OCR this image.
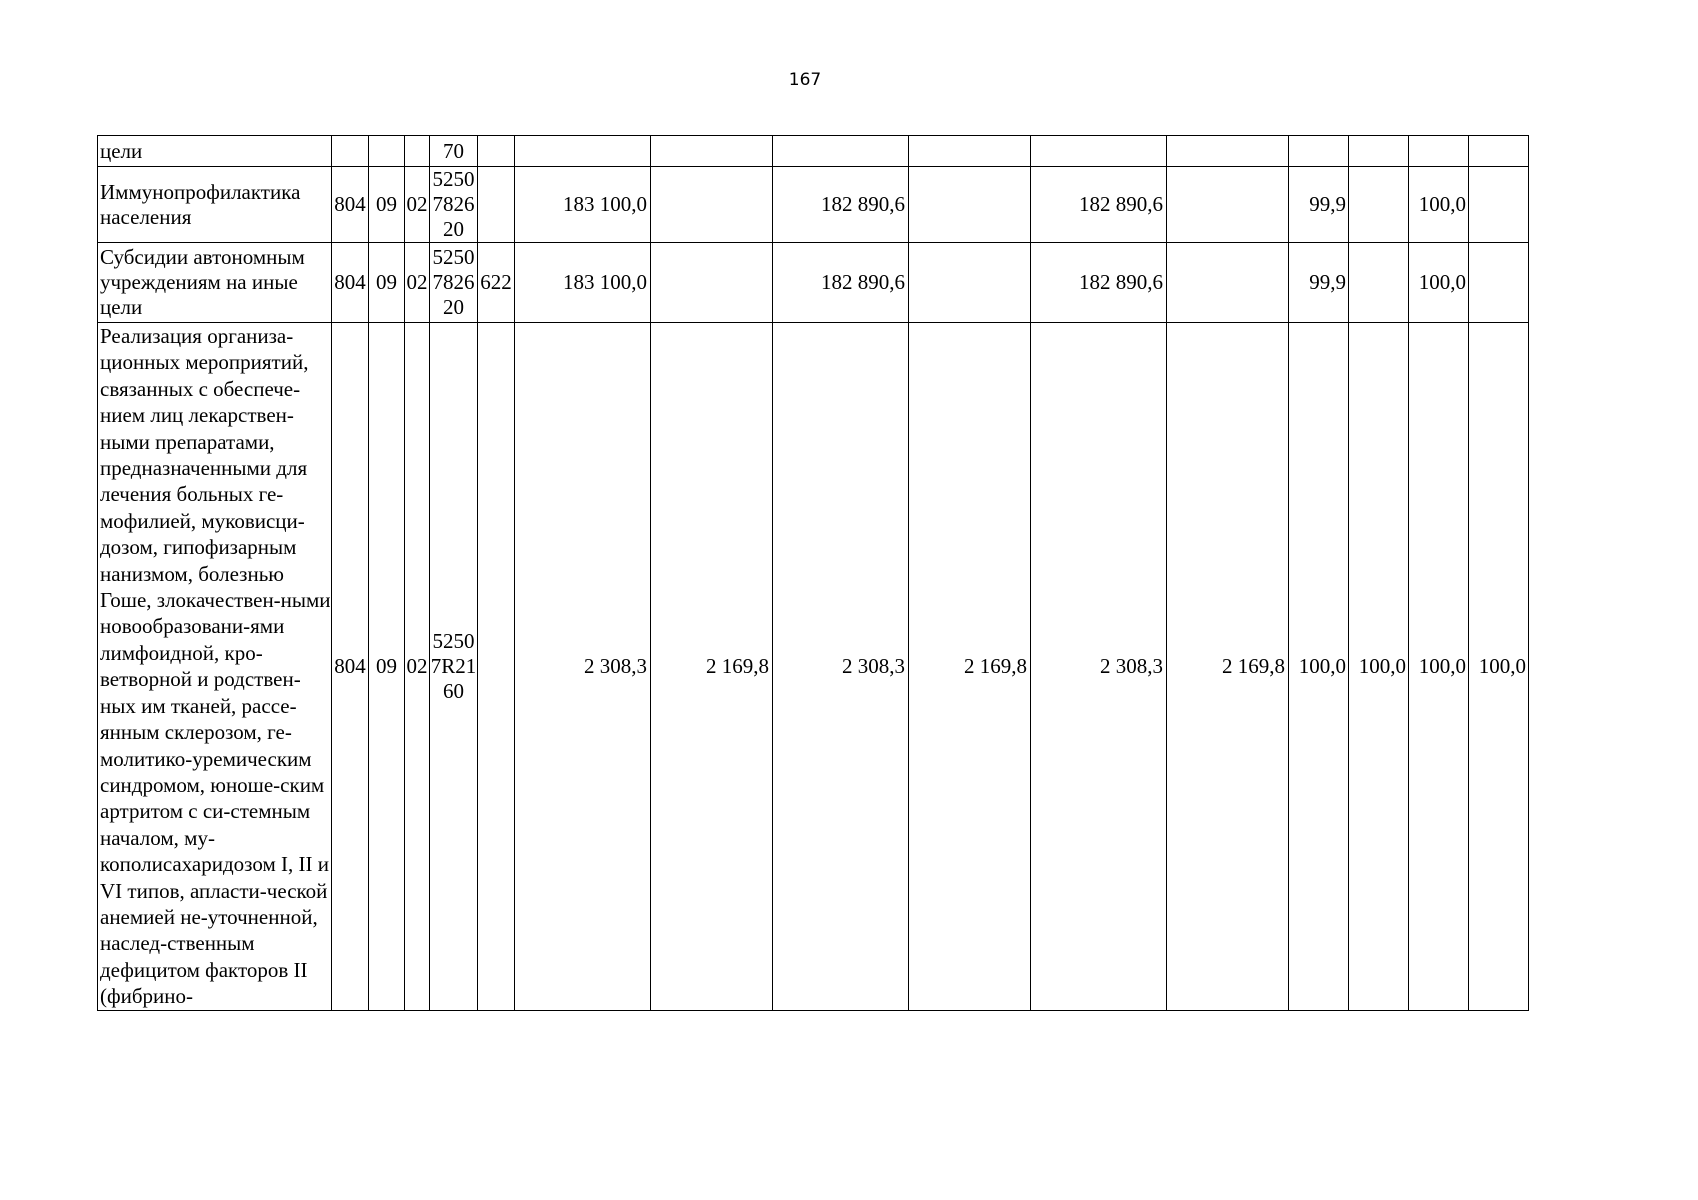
167
цели				70											
Иммунопрофилактика населения	804	09	02	5250 7826 20		183 100,0		182 890,6		182 890,6		99,9		100,0	
Субсидии автономным учреждениям на иные цели	804	09	02	5250 7826 20	622	183 100,0		182 890,6		182 890,6		99,9		100,0	
Реализация организа-ционных мероприятий, связанных с обеспече-нием лиц лекарствен-ными препаратами, предназначенными для лечения больных ге-мофилией, муковисци-дозом, гипофизарным нанизмом, болезнью Гоше, злокачествен-ными новообразовани-ями лимфоидной, кро-ветворной и родствен-ных им тканей, рассе-янным склерозом, ге-молитико-уремическим синдромом, юноше-ским артритом с си-стемным началом, му-кополисахаридозом I, II и VI типов, апласти-ческой анемией не-уточненной, наслед-ственным дефицитом факторов II (фибрино-	804	09	02	5250 7R21 60		2 308,3	2 169,8	2 308,3	2 169,8	2 308,3	2 169,8	100,0	100,0	100,0	100,0
